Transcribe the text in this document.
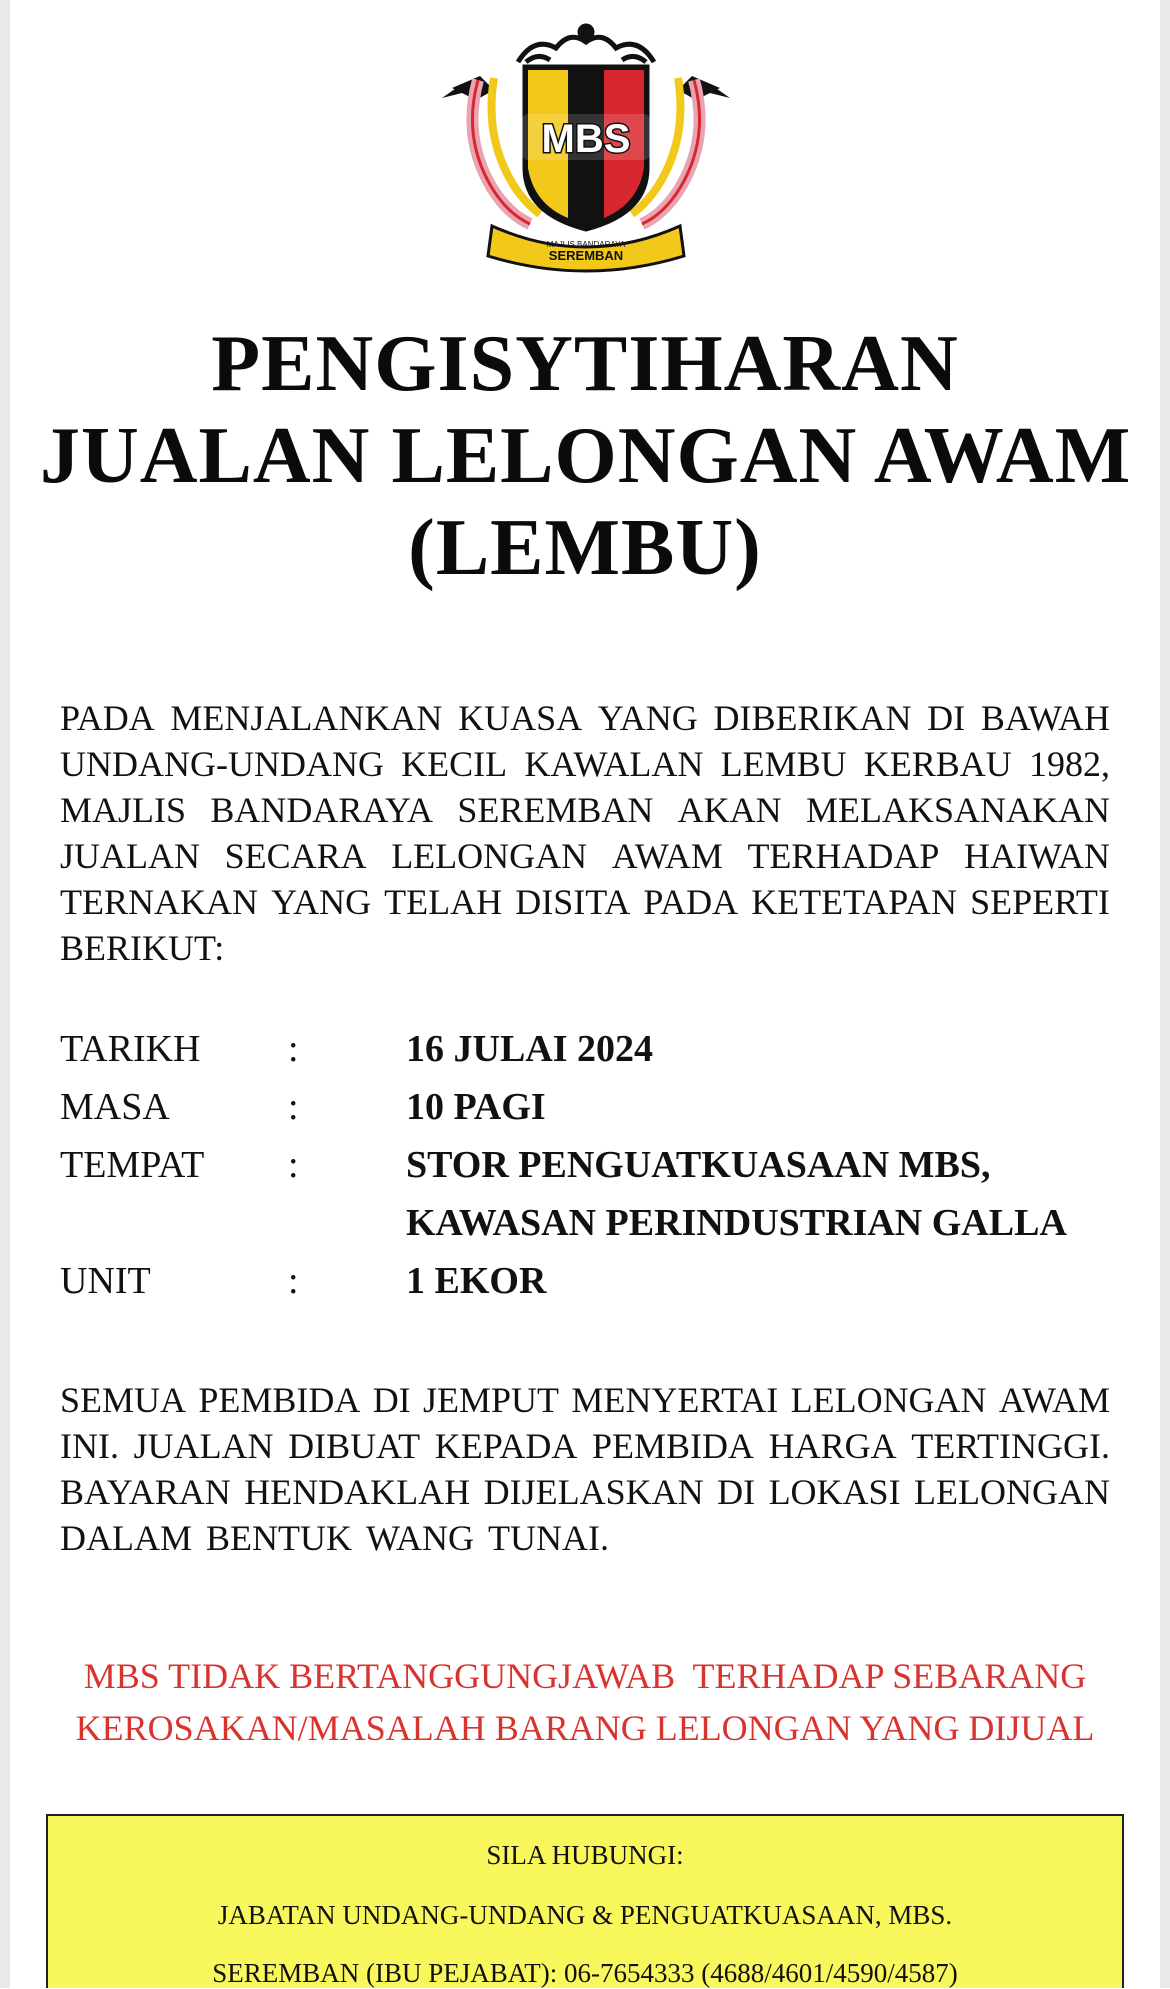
MBS
MAJLIS BANDARAYA
SEREMBAN
PENGISYTIHARAN
JUALAN LELONGAN AWAM
(LEMBU)
PADA MENJALANKAN KUASA YANG DIBERIKAN DI BAWAH
UNDANG-UNDANG KECIL KAWALAN LEMBU KERBAU 1982,
MAJLIS BANDARAYA SEREMBAN AKAN MELAKSANAKAN
JUALAN SECARA LELONGAN AWAM TERHADAP HAIWAN
TERNAKAN YANG TELAH DISITA PADA KETETAPAN SEPERTI
BERIKUT:
TARIKH :	16 JULAI 2024
MASA	:	10 PAGI
TEMPAT :	STOR PENGUATKUASAAN MBS,
KAWASAN PERINDUSTRIAN GALLA
UNIT	:	1 EKOR
SEMUA PEMBIDA DI JEMPUT MENYERTAI LELONGAN AWAM
INI. JUALAN DIBUAT KEPADA PEMBIDA HARGA TERTINGGI.
BAYARAN HENDAKLAH DIJELASKAN DI LOKASI LELONGAN
DALAM BENTUK WANG TUNAI.
MBS TIDAK BERTANGGUNGJAWAB  TERHADAP SEBARANG
KEROSAKAN/MASALAH BARANG LELONGAN YANG DIJUAL
SILA HUBUNGI:
JABATAN UNDANG-UNDANG & PENGUATKUASAAN, MBS.
SEREMBAN (IBU PEJABAT): 06-7654333 (4688/4601/4590/4587)
